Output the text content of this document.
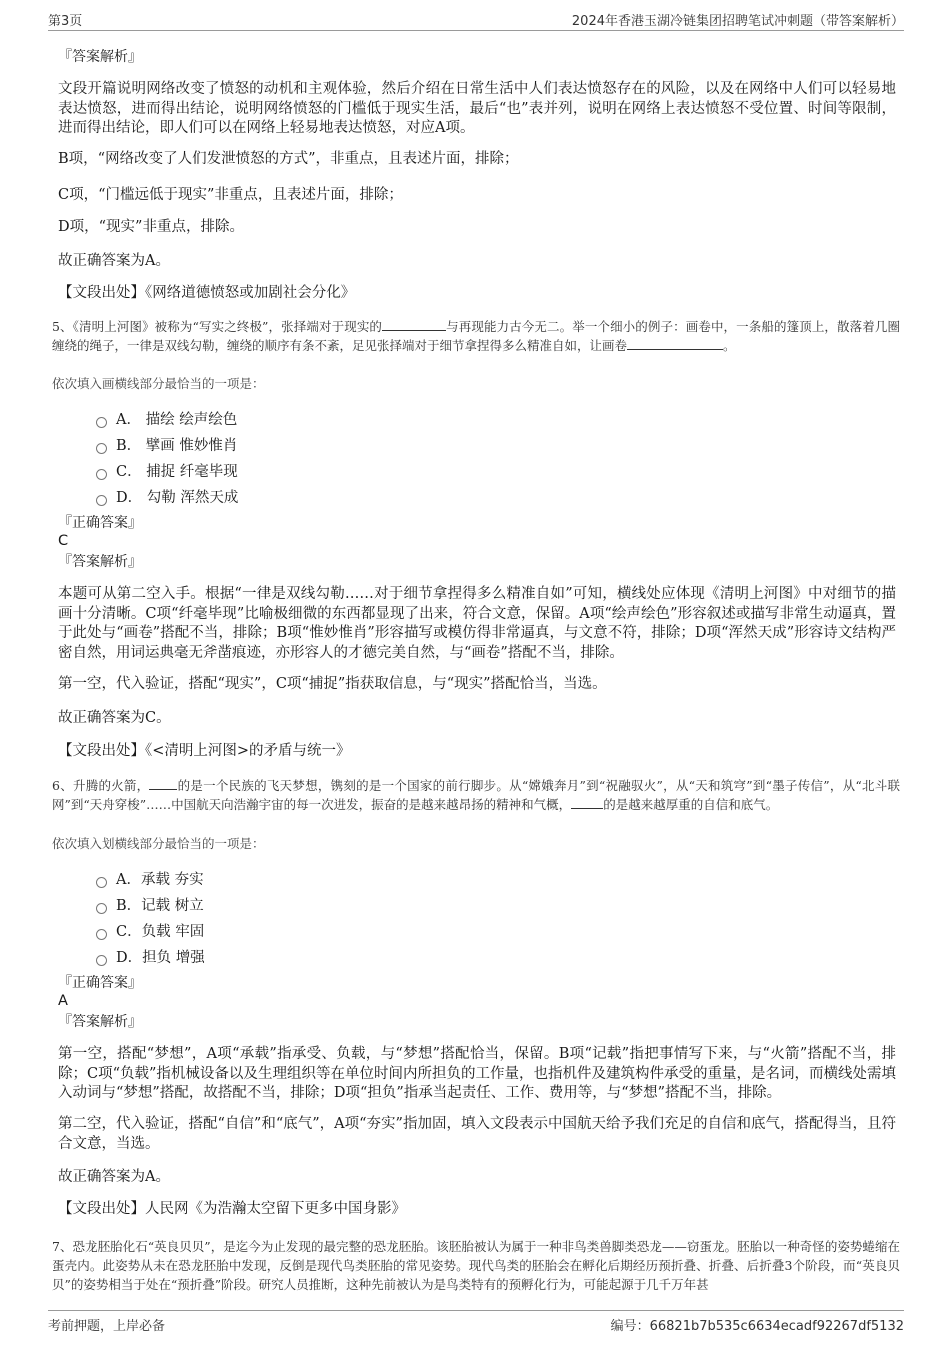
第3页	2024年香港玉湖冷链集团招聘笔试冲刺题（带答案解析）
『答案解析』
文段开篇说明网络改变了愤怒的动机和主观体验，然后介绍在日常生活中人们表达愤怒存在的风险，以及在网络中人们可以轻易地表达愤怒，进而得出结论，说明网络愤怒的门槛低于现实生活，最后“也”表并列，说明在网络上表达愤怒不受位置、时间等限制，进而得出结论，即人们可以在网络上轻易地表达愤怒，对应A项。
B项，“网络改变了人们发泄愤怒的方式”，非重点，且表述片面，排除；
C项，“门槛远低于现实”非重点，且表述片面，排除；
D项，“现实”非重点，排除。
故正确答案为A。
【文段出处】《网络道德愤怒或加剧社会分化》
5、《清明上河图》被称为“写实之终极”，张择端对于现实的	与再现能力古今无二。举一个细小的例子：画卷中，一条船的篷顶上，散落着几圈缠绕的绳子，一律是双线勾勒，缠绕的顺序有条不紊，足见张择端对于细节拿捏得多么精准自如，让画卷	。
依次填入画横线部分最恰当的一项是：
A． 描绘 绘声绘色
B． 擘画 惟妙惟肖
C． 捕捉 纤毫毕现
D． 勾勒 浑然天成
『正确答案』
C
『答案解析』
本题可从第二空入手。根据“一律是双线勾勒……对于细节拿捏得多么精准自如”可知，横线处应体现《清明上河图》中对细节的描画十分清晰。C项“纤毫毕现”比喻极细微的东西都显现了出来，符合文意，保留。A项“绘声绘色”形容叙述或描写非常生动逼真，置于此处与“画卷”搭配不当，排除；B项“惟妙惟肖”形容描写或模仿得非常逼真，与文意不符，排除；D项“浑然天成”形容诗文结构严密自然，用词运典毫无斧凿痕迹，亦形容人的才德完美自然，与“画卷”搭配不当，排除。
第一空，代入验证，搭配“现实”，C项“捕捉”指获取信息，与“现实”搭配恰当，当选。
故正确答案为C。
【文段出处】《<清明上河图>的矛盾与统一》
6、升腾的火箭， 的是一个民族的飞天梦想，镌刻的是一个国家的前行脚步。从“嫦娥奔月”到“祝融驭火”，从“天和筑穹”到“墨子传信”，从“北斗联网”到“天舟穿梭”……中国航天向浩瀚宇宙的每一次进发，振奋的是越来越昂扬的精神和气概，	的是越来越厚重的自信和底气。
依次填入划横线部分最恰当的一项是：
A．承载 夯实
B．记载 树立
C．负载 牢固
D．担负 增强
『正确答案』
A
『答案解析』
第一空，搭配“梦想”，A项“承载”指承受、负载，与“梦想”搭配恰当，保留。B项“记载”指把事情写下来，与“火箭”搭配不当，排除；C项“负载”指机械设备以及生理组织等在单位时间内所担负的工作量，也指机件及建筑构件承受的重量，是名词，而横线处需填入动词与“梦想”搭配，故搭配不当，排除；D项“担负”指承当起责任、工作、费用等，与“梦想”搭配不当，排除。
第二空，代入验证，搭配“自信”和“底气”，A项“夯实”指加固，填入文段表示中国航天给予我们充足的自信和底气，搭配得当，且符合文意，当选。
故正确答案为A。
【文段出处】人民网《为浩瀚太空留下更多中国身影》
7、恐龙胚胎化石“英良贝贝”，是迄今为止发现的最完整的恐龙胚胎。该胚胎被认为属于一种非鸟类兽脚类恐龙——窃蛋龙。胚胎以一种奇怪的姿势蜷缩在蛋壳内。此姿势从未在恐龙胚胎中发现，反倒是现代鸟类胚胎的常见姿势。现代鸟类的胚胎会在孵化后期经历预折叠、折叠、后折叠3个阶段，而“英良贝贝”的姿势相当于处在“预折叠”阶段。研究人员推断，这种先前被认为是鸟类特有的预孵化行为，可能起源于几千万年甚
考前押题，上岸必备	编号：66821b7b535c6634ecadf92267df5132
